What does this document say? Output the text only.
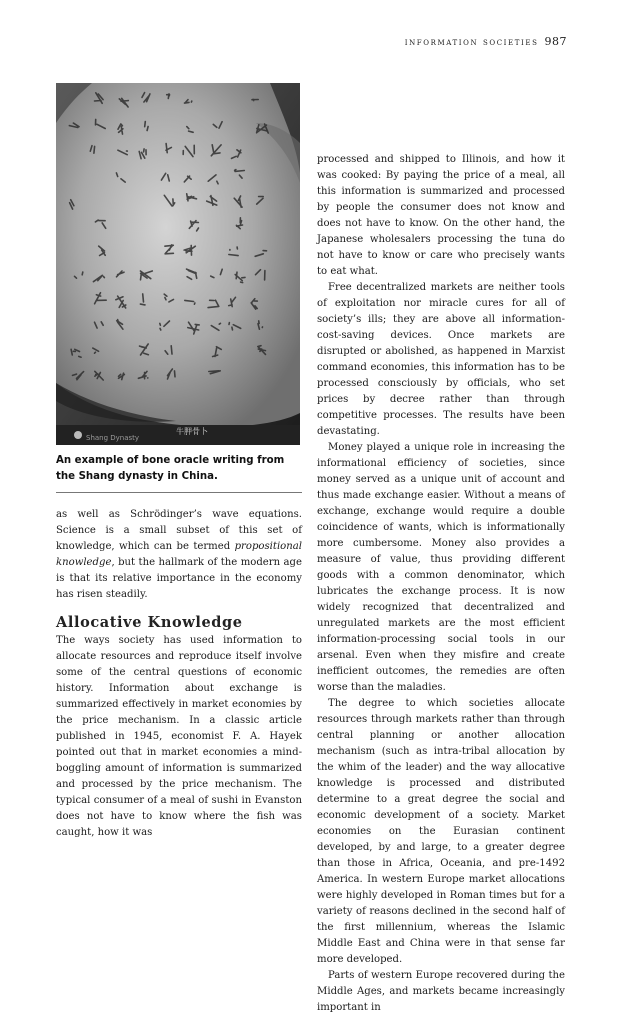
information societies 987
Shang Dynasty
牛胛骨卜
An example of bone oracle writing from the Shang dynasty in China.

as well as Schrödinger’s wave equations. Science is a small subset of this set of knowledge, which can be termed propositional knowledge, but the hallmark of the modern age is that its relative importance in the economy has risen steadily.

Allocative Knowledge

The ways society has used information to allocate resources and reproduce itself involve some of the central questions of economic history. Information about exchange is summarized effectively in market economies by the price mechanism. In a classic article published in 1945, economist F. A. Hayek pointed out that in market economies a mind-boggling amount of information is summarized and processed by the price mechanism. The typical consumer of a meal of sushi in Evanston does not have to know where the fish was caught, how it was

processed and shipped to Illinois, and how it was cooked: By paying the price of a meal, all this information is summarized and processed by people the consumer does not know and does not have to know. On the other hand, the Japanese wholesalers processing the tuna do not have to know or care who precisely wants to eat what.

Free decentralized markets are neither tools of exploitation nor miracle cures for all of society’s ills; they are above all information-cost-saving devices. Once markets are disrupted or abolished, as happened in Marxist command economies, this information has to be processed consciously by officials, who set prices by decree rather than through competitive processes. The results have been devastating.

Money played a unique role in increasing the informational efficiency of societies, since money served as a unique unit of account and thus made exchange easier. Without a means of exchange, exchange would require a double coincidence of wants, which is informationally more cumbersome. Money also provides a measure of value, thus providing different goods with a common denominator, which lubricates the exchange process. It is now widely recognized that decentralized and unregulated markets are the most efficient information-processing social tools in our arsenal. Even when they misfire and create inefficient outcomes, the remedies are often worse than the maladies.

The degree to which societies allocate resources through markets rather than through central planning or another allocation mechanism (such as intra-tribal allocation by the whim of the leader) and the way allocative knowledge is processed and distributed determine to a great degree the social and economic development of a society. Market economies on the Eurasian continent developed, by and large, to a greater degree than those in Africa, Oceania, and pre-1492 America. In western Europe market allocations were highly developed in Roman times but for a variety of reasons declined in the second half of the first millennium, whereas the Islamic Middle East and China were in that sense far more developed.

Parts of western Europe recovered during the Middle Ages, and markets became increasingly important in
